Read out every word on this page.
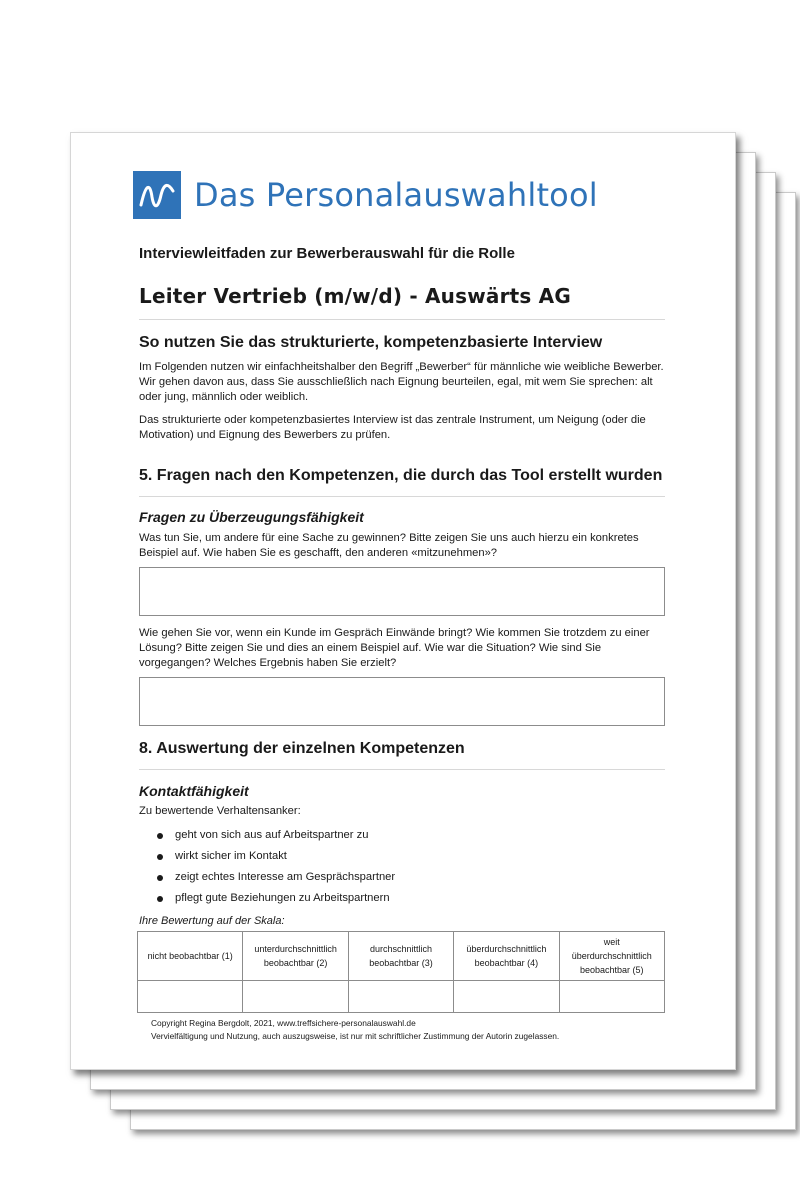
Das Personalauswahltool

Interviewleitfaden zur Bewerberauswahl für die Rolle

Leiter Vertrieb (m/w/d) - Auswärts AG

So nutzen Sie das strukturierte, kompetenzbasierte Interview

Im Folgenden nutzen wir einfachheitshalber den Begriff „Bewerber“ für männliche wie weibliche Bewerber. Wir gehen davon aus, dass Sie ausschließlich nach Eignung beurteilen, egal, mit wem Sie sprechen: alt oder jung, männlich oder weiblich.

Das strukturierte oder kompetenzbasiertes Interview ist das zentrale Instrument, um Neigung (oder die Motivation) und Eignung des Bewerbers zu prüfen.

5. Fragen nach den Kompetenzen, die durch das Tool erstellt wurden
Fragen zu Überzeugungsfähigkeit

Was tun Sie, um andere für eine Sache zu gewinnen? Bitte zeigen Sie uns auch hierzu ein konkretes Beispiel auf. Wie haben Sie es geschafft, den anderen «mitzunehmen»?

Wie gehen Sie vor, wenn ein Kunde im Gespräch Einwände bringt? Wie kommen Sie trotzdem zu einer Lösung? Bitte zeigen Sie und dies an einem Beispiel auf. Wie war die Situation? Wie sind Sie vorgegangen? Welches Ergebnis haben Sie erzielt?

8. Auswertung der einzelnen Kompetenzen
Kontaktfähigkeit

Zu bewertende Verhaltensanker:

geht von sich aus auf Arbeitspartner zu
wirkt sicher im Kontakt
zeigt echtes Interesse am Gesprächspartner
pflegt gute Beziehungen zu Arbeitspartnern
Ihre Bewertung auf der Skala:
nicht beobachtbar (1)	unterdurchschnittlich beobachtbar (2)	durchschnittlich beobachtbar (3)	überdurchschnittlich beobachtbar (4)	weit überdurchschnittlich beobachtbar (5)

Copyright Regina Bergdolt, 2021, www.treffsichere-personalauswahl.de
Vervielfältigung und Nutzung, auch auszugsweise, ist nur mit schriftlicher Zustimmung der Autorin zugelassen.
